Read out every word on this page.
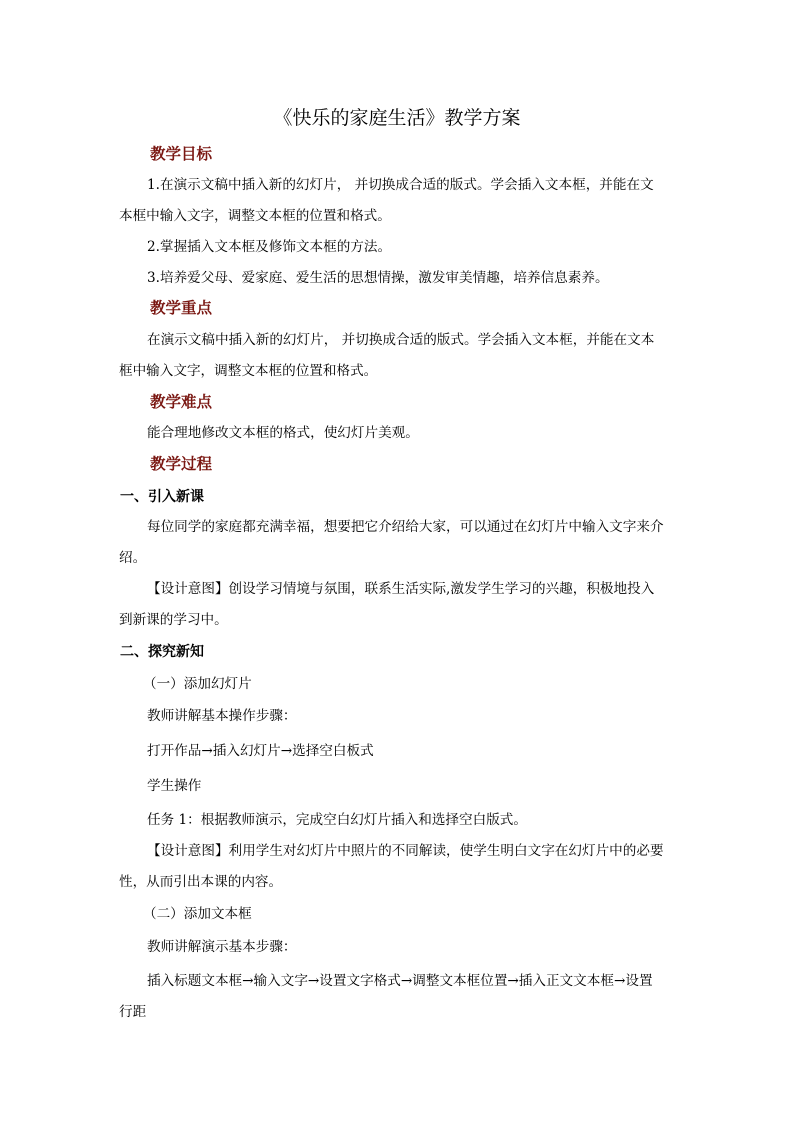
《快乐的家庭生活》教学方案
教学目标
1.在演示文稿中插入新的幻灯片， 并切换成合适的版式。学会插入文本框，并能在文
本框中输入文字，调整文本框的位置和格式。
2.掌握插入文本框及修饰文本框的方法。
3.培养爱父母、爱家庭、爱生活的思想情操，激发审美情趣，培养信息素养。
教学重点
在演示文稿中插入新的幻灯片， 并切换成合适的版式。学会插入文本框，并能在文本
框中输入文字，调整文本框的位置和格式。
教学难点
能合理地修改文本框的格式，使幻灯片美观。
教学过程
一、引入新课
每位同学的家庭都充满幸福，想要把它介绍给大家，可以通过在幻灯片中输入文字来介
绍。
【设计意图】创设学习情境与氛围，联系生活实际,激发学生学习的兴趣，积极地投入
到新课的学习中。
二、探究新知
（一）添加幻灯片
教师讲解基本操作步骤：
打开作品→插入幻灯片→选择空白板式
学生操作
任务 1：根据教师演示，完成空白幻灯片插入和选择空白版式。
【设计意图】利用学生对幻灯片中照片的不同解读，使学生明白文字在幻灯片中的必要
性，从而引出本课的内容。
（二）添加文本框
教师讲解演示基本步骤：
插入标题文本框→输入文字→设置文字格式→调整文本框位置→插入正文文本框→设置
行距
